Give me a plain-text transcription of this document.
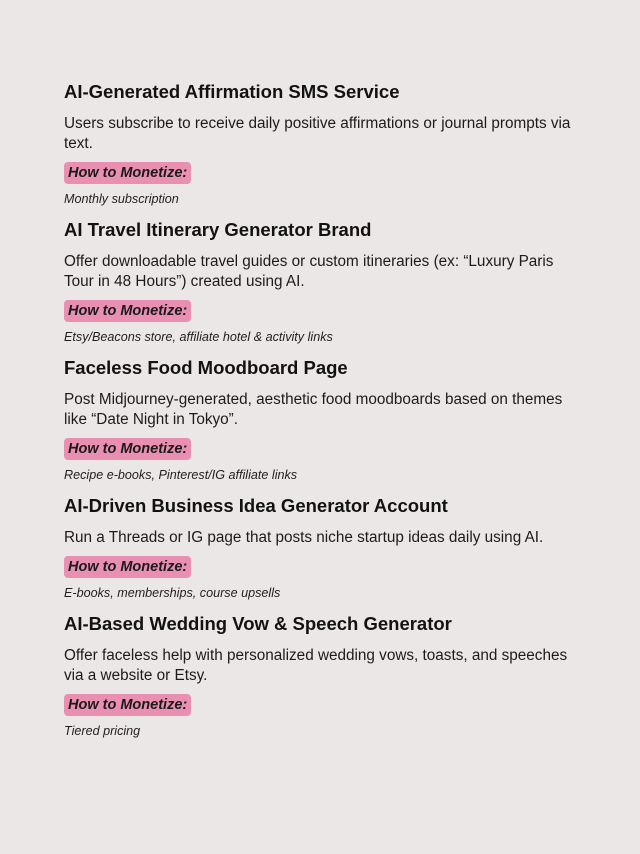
AI-Generated Affirmation SMS Service

Users subscribe to receive daily positive affirmations or journal prompts via text.

How to Monetize:
Monthly subscription
AI Travel Itinerary Generator Brand

Offer downloadable travel guides or custom itineraries (ex: “Luxury Paris Tour in 48 Hours”) created using AI.

How to Monetize:
Etsy/Beacons store, affiliate hotel & activity links
Faceless Food Moodboard Page

Post Midjourney-generated, aesthetic food moodboards based on themes like “Date Night in Tokyo”.

How to Monetize:
Recipe e-books, Pinterest/IG affiliate links
AI-Driven Business Idea Generator Account

Run a Threads or IG page that posts niche startup ideas daily using AI.

How to Monetize:
E-books, memberships, course upsells
AI-Based Wedding Vow & Speech Generator

Offer faceless help with personalized wedding vows, toasts, and speeches via a website or Etsy.

How to Monetize:
Tiered pricing
